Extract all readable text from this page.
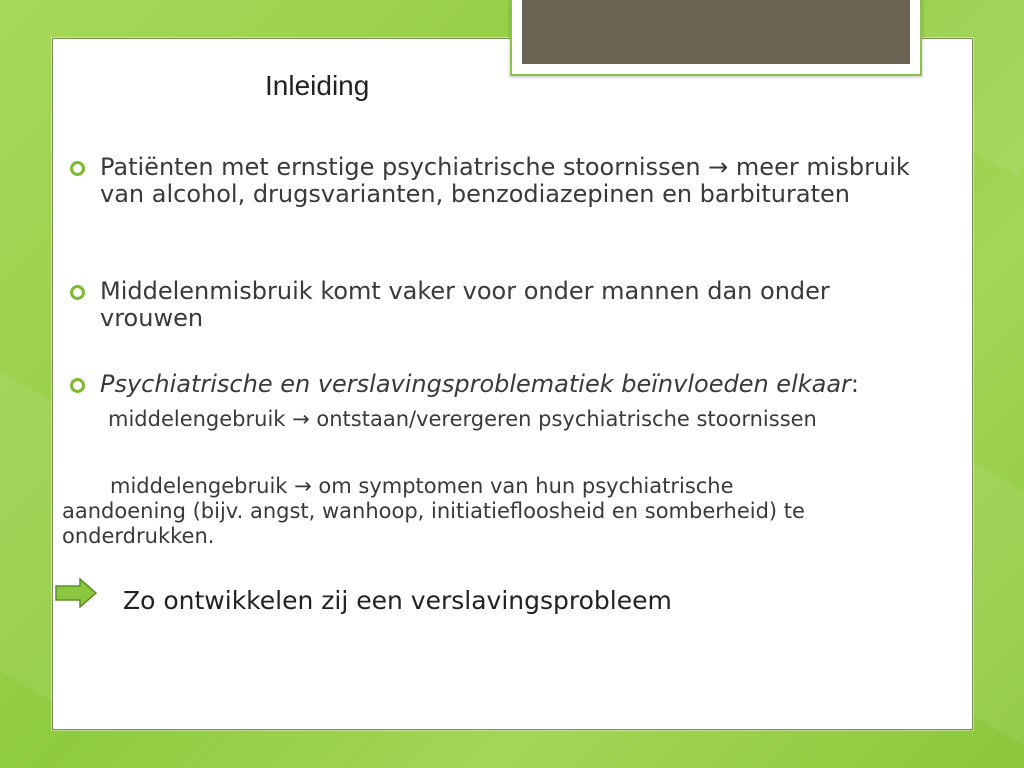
Inleiding
Patiënten met ernstige psychiatrische stoornissen → meer misbruik van alcohol, drugsvarianten, benzodiazepinen en barbituraten
Middelenmisbruik komt vaker voor onder mannen dan onder vrouwen
Psychiatrische en verslavingsproblematiek beïnvloeden elkaar:
middelengebruik → ontstaan/verergeren psychiatrische stoornissen
middelengebruik → om symptomen van hun psychiatrische
aandoening (bijv. angst, wanhoop, initiatiefloosheid en somberheid) te
onderdrukken.
Zo ontwikkelen zij een verslavingsprobleem
